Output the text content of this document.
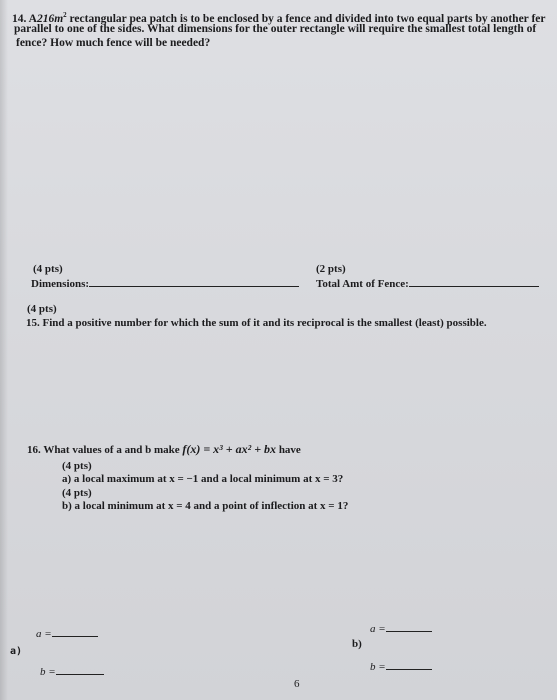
14. $A216m^2$ rectangular pea patch is to be enclosed by a fence and divided into two equal parts by another fer
parallel to one of the sides. What dimensions for the outer rectangle will require the smallest total length of
fence? How much fence will be needed?
(4 pts)
Dimensions:
(2 pts)
Total Amt of Fence:
(4 pts)
15. Find a positive number for which the sum of it and its reciprocal is the smallest (least) possible.
16. What values of a and b make f(x) = x³ + ax² + bx have
(4 pts)
a) a local maximum at x = −1 and a local minimum at x = 3?
(4 pts)
b) a local minimum at x = 4 and a point of inflection at x = 1?
a =
a)
b =
a =
b)
b =
6
